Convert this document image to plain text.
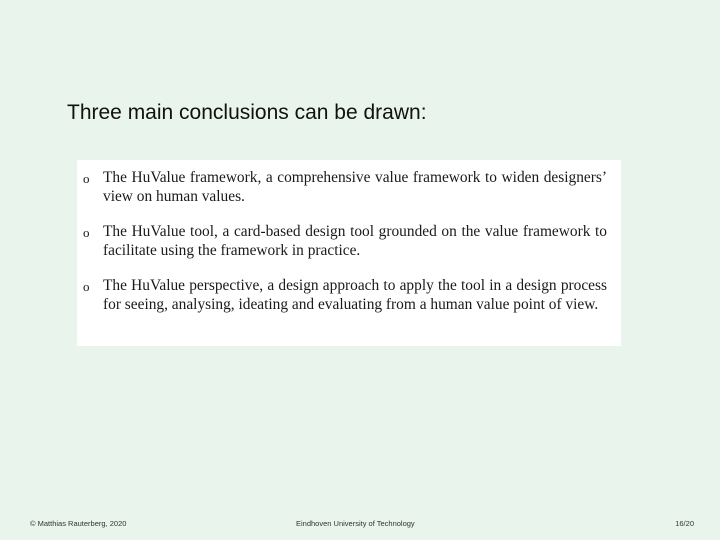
Three main conclusions can be drawn:
o The HuValue framework, a comprehensive value framework to widen designers’ view on human values.
o The HuValue tool, a card-based design tool grounded on the value framework to facilitate using the framework in practice.
o The HuValue perspective, a design approach to apply the tool in a design process for seeing, analysing, ideating and evaluating from a human value point of view.
© Matthias Rauterberg, 2020	Eindhoven University of Technology	16/20
